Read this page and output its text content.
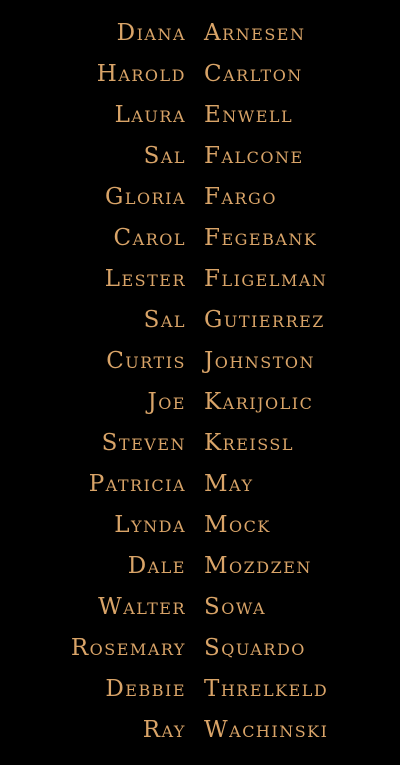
Diana Arnesen
Harold Carlton
Laura Enwell
Sal Falcone
Gloria Fargo
Carol Fegebank
Lester Fligelman
Sal Gutierrez
Curtis Johnston
Joe Karijolic
Steven Kreissl
Patricia May
Lynda Mock
Dale Mozdzen
Walter Sowa
Rosemary Squardo
Debbie Threlkeld
Ray Wachinski
